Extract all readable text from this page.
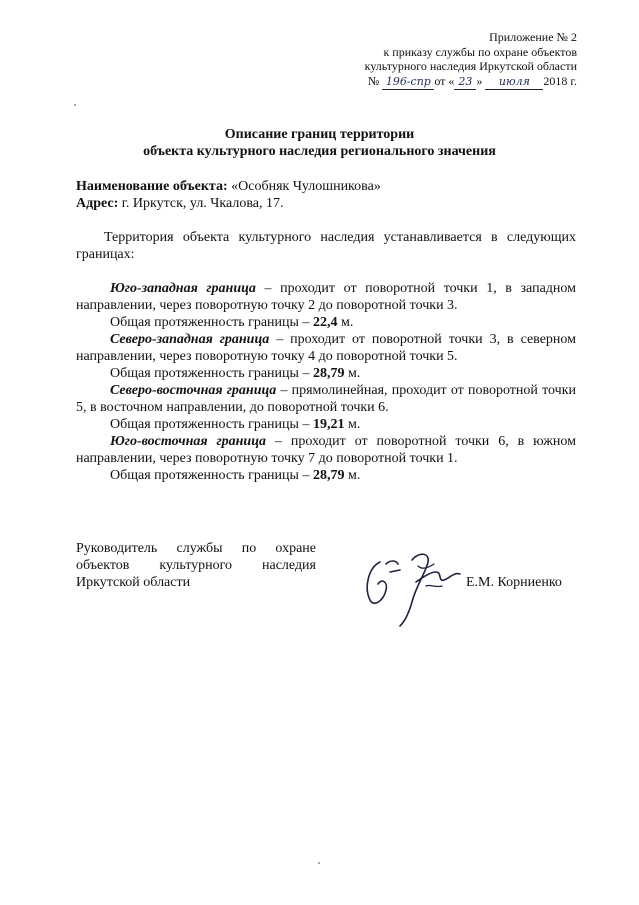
Приложение № 2
к приказу службы по охране объектов
культурного наследия Иркутской области
№ 196-спр от « 23 » июля 2018 г.
Описание границ территории
объекта культурного наследия регионального значения
Наименование объекта: «Особняк Чулошникова»
Адрес: г. Иркутск, ул. Чкалова, 17.

Территория объекта культурного наследия устанавливается в следующих границах:

Юго-западная граница – проходит от поворотной точки 1, в западном направлении, через поворотную точку 2 до поворотной точки 3.

Общая протяженность границы – 22,4 м.

Северо-западная граница – проходит от поворотной точки 3, в северном направлении, через поворотную точку 4 до поворотной точки 5.

Общая протяженность границы – 28,79 м.

Северо-восточная граница – прямолинейная, проходит от поворотной точки 5, в восточном направлении, до поворотной точки 6.

Общая протяженность границы – 19,21 м.

Юго-восточная граница – проходит от поворотной точки 6, в южном направлении, через поворотную точку 7 до поворотной точки 1.

Общая протяженность границы – 28,79 м.

Руководитель службы по охране объектов культурного наследия Иркутской области	Е.М. Корниенко
